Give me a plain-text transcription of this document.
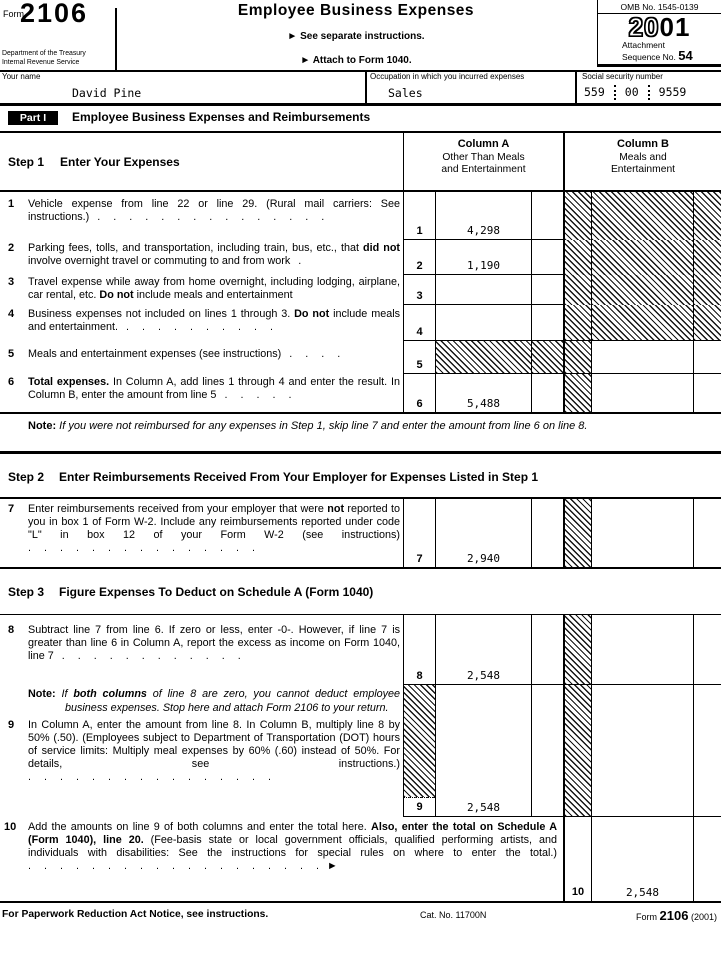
Form
2106
Department of the Treasury
Internal Revenue Service
Employee Business Expenses
► See separate instructions.
► Attach to Form 1040.
OMB No. 1545-0139
2001
Attachment
Sequence No. 54
Your name
David Pine
Occupation in which you incurred expenses
Sales
Social security number
559 00 9559
Part I	Employee Business Expenses and Reimbursements
Step 1 Enter Your Expenses
Column A
Other Than Meals
and Entertainment
Column B
Meals and
Entertainment
1 Vehicle expense from line 22 or line 29. (Rural mail carriers: See instructions.) . . . . . . . . . . . . . . .
1	4,298
2 Parking fees, tolls, and transportation, including train, bus, etc., that did not involve overnight travel or commuting to and from work .	2	1,190
3 Travel expense while away from home overnight, including lodging, airplane, car rental, etc. Do not include meals and entertainment	3
4 Business expenses not included on lines 1 through 3. Do not include meals and entertainment. . . . . . . . . . .	4
5 Meals and entertainment expenses (see instructions) . . . .
5
6 Total expenses. In Column A, add lines 1 through 4 and enter the result. In Column B, enter the amount from line 5 . . . . .
6	5,488
Note: If you were not reimbursed for any expenses in Step 1, skip line 7 and enter the amount from line 6 on line 8.
Step 2 Enter Reimbursements Received From Your Employer for Expenses Listed in Step 1
7 Enter reimbursements received from your employer that were not reported to you in box 1 of Form W-2. Include any reimbursements reported under code "L" in box 12 of your Form W-2 (see instructions) . . . . . . . . . . . . . . .
7	2,940
Step 3 Figure Expenses To Deduct on Schedule A (Form 1040)
8 Subtract line 7 from line 6. If zero or less, enter -0-. However, if line 7 is greater than line 6 in Column A, report the excess as income on Form 1040, line 7 . . . . . . . . . . . .
8	2,548
Note: If both columns of line 8 are zero, you cannot deduct employee business expenses. Stop here and attach Form 2106 to your return.
9 In Column A, enter the amount from line 8. In Column B, multiply line 8 by 50% (.50). (Employees subject to Department of Transportation (DOT) hours of service limits: Multiply meal expenses by 60% (.60) instead of 50%. For details, see instructions.) . . . . . . . . . . . . . . . .
9	2,548
10 Add the amounts on line 9 of both columns and enter the total here. Also, enter the total on Schedule A (Form 1040), line 20. (Fee-basis state or local government officials, qualified performing artists, and individuals with disabilities: See the instructions for special rules on where to enter the total.) . . . . . . . . . . . . . . . . . . . ►
10	2,548
For Paperwork Reduction Act Notice, see instructions.	Cat. No. 11700N	Form 2106 (2001)
